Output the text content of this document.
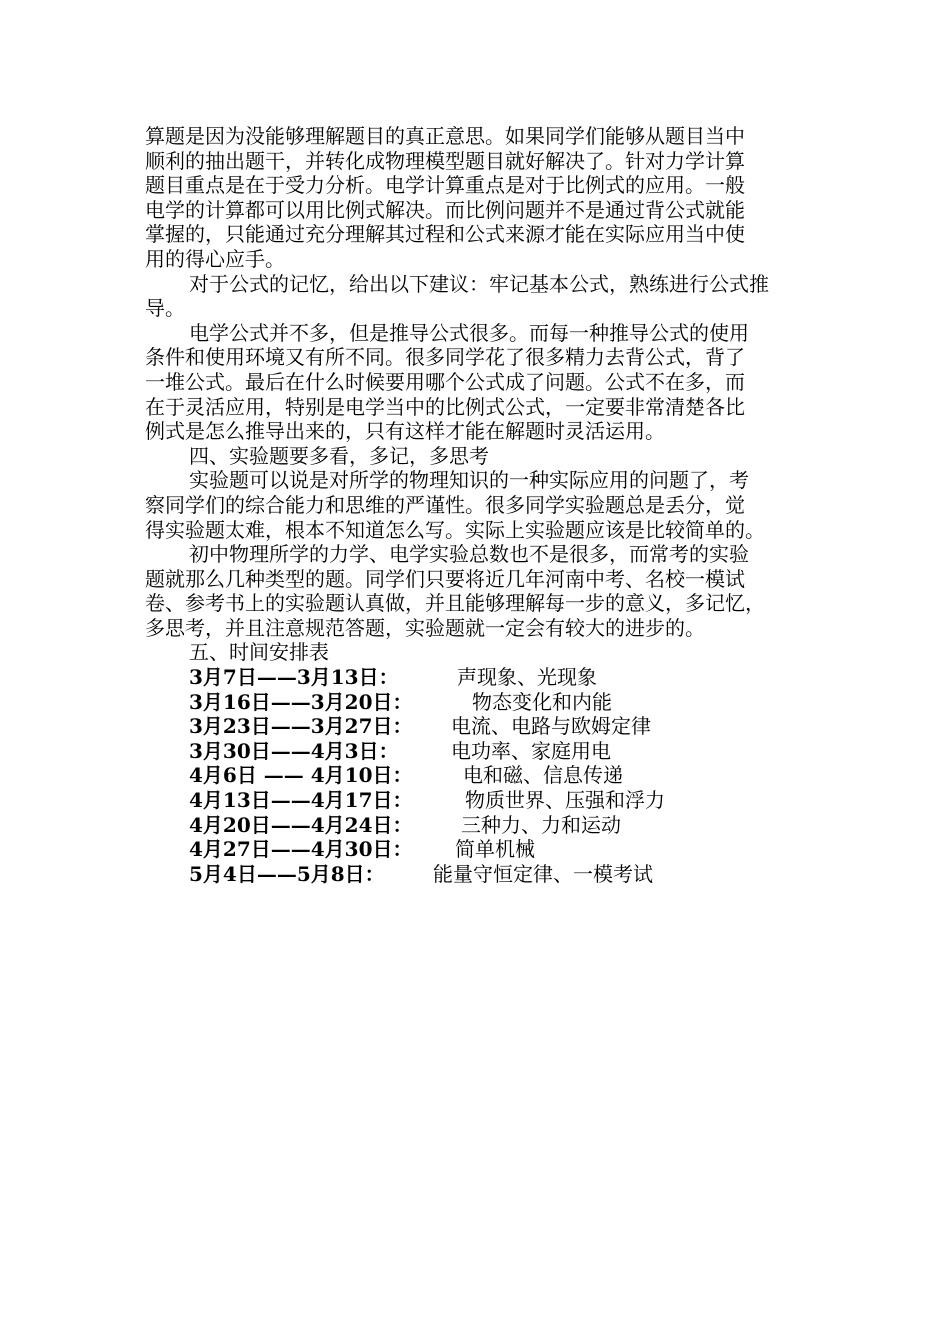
算题是因为没能够理解题目的真正意思。如果同学们能够从题目当中
顺利的抽出题干，并转化成物理模型题目就好解决了。针对力学计算
题目重点是在于受力分析。电学计算重点是对于比例式的应用。一般
电学的计算都可以用比例式解决。而比例问题并不是通过背公式就能
掌握的，只能通过充分理解其过程和公式来源才能在实际应用当中使
用的得心应手。
对于公式的记忆，给出以下建议：牢记基本公式，熟练进行公式推
导。
电学公式并不多，但是推导公式很多。而每一种推导公式的使用
条件和使用环境又有所不同。很多同学花了很多精力去背公式，背了
一堆公式。最后在什么时候要用哪个公式成了问题。公式不在多，而
在于灵活应用，特别是电学当中的比例式公式，一定要非常清楚各比
例式是怎么推导出来的，只有这样才能在解题时灵活运用。
四、实验题要多看，多记，多思考
实验题可以说是对所学的物理知识的一种实际应用的问题了，考
察同学们的综合能力和思维的严谨性。很多同学实验题总是丢分，觉
得实验题太难，根本不知道怎么写。实际上实验题应该是比较简单的。
初中物理所学的力学、电学实验总数也不是很多，而常考的实验
题就那么几种类型的题。同学们只要将近几年河南中考、名校一模试
卷、参考书上的实验题认真做，并且能够理解每一步的意义，多记忆，
多思考，并且注意规范答题，实验题就一定会有较大的进步的。
五、时间安排表
3月7日——3月13日：	声现象、光现象
3月16日——3月20日：	物态变化和内能
3月23日——3月27日： 电流、电路与欧姆定律
3月30日——4月3日：	电功率、家庭用电
4月6日 —— 4月10日：	电和磁、信息传递
4月13日——4月17日：	物质世界、压强和浮力
4月20日——4月24日： 三种力、力和运动
4月27日——4月30日： 简单机械
5月4日——5月8日： 能量守恒定律、一模考试
